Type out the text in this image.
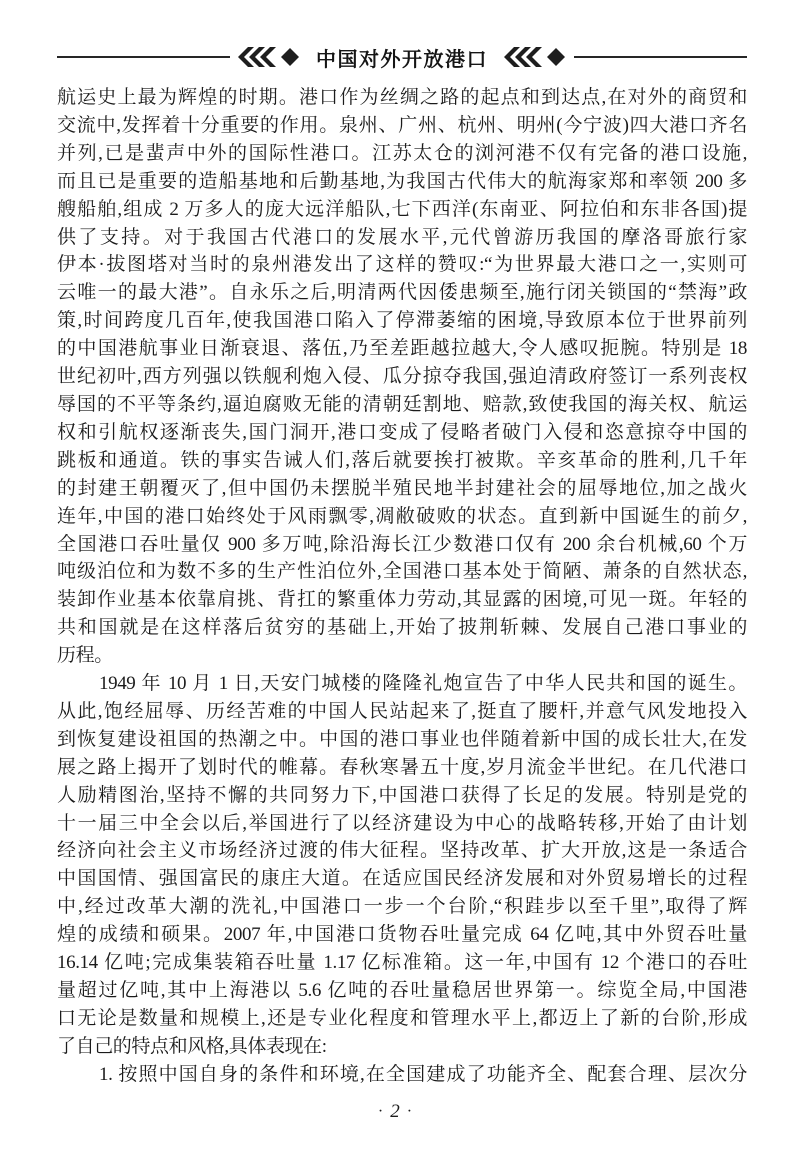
中国对外开放港口
航运史上最为辉煌的时期。港口作为丝绸之路的起点和到达点,在对外的商贸和
交流中,发挥着十分重要的作用。泉州、广州、杭州、明州(今宁波)四大港口齐名
并列,已是蜚声中外的国际性港口。江苏太仓的浏河港不仅有完备的港口设施,
而且已是重要的造船基地和后勤基地,为我国古代伟大的航海家郑和率领 200 多
艘船舶,组成 2 万多人的庞大远洋船队,七下西洋(东南亚、阿拉伯和东非各国)提
供了支持。对于我国古代港口的发展水平,元代曾游历我国的摩洛哥旅行家
伊本·拔图塔对当时的泉州港发出了这样的赞叹:“为世界最大港口之一,实则可
云唯一的最大港”。自永乐之后,明清两代因倭患频至,施行闭关锁国的“禁海”政
策,时间跨度几百年,使我国港口陷入了停滞萎缩的困境,导致原本位于世界前列
的中国港航事业日渐衰退、落伍,乃至差距越拉越大,令人感叹扼腕。特别是 18
世纪初叶,西方列强以铁舰利炮入侵、瓜分掠夺我国,强迫清政府签订一系列丧权
辱国的不平等条约,逼迫腐败无能的清朝廷割地、赔款,致使我国的海关权、航运
权和引航权逐渐丧失,国门洞开,港口变成了侵略者破门入侵和恣意掠夺中国的
跳板和通道。铁的事实告诫人们,落后就要挨打被欺。辛亥革命的胜利,几千年
的封建王朝覆灭了,但中国仍未摆脱半殖民地半封建社会的屈辱地位,加之战火
连年,中国的港口始终处于风雨飘零,凋敝破败的状态。直到新中国诞生的前夕,
全国港口吞吐量仅 900 多万吨,除沿海长江少数港口仅有 200 余台机械,60 个万
吨级泊位和为数不多的生产性泊位外,全国港口基本处于简陋、萧条的自然状态,
装卸作业基本依靠肩挑、背扛的繁重体力劳动,其显露的困境,可见一斑。年轻的
共和国就是在这样落后贫穷的基础上,开始了披荆斩棘、发展自己港口事业的
历程。
1949 年 10 月 1 日,天安门城楼的隆隆礼炮宣告了中华人民共和国的诞生。
从此,饱经屈辱、历经苦难的中国人民站起来了,挺直了腰杆,并意气风发地投入
到恢复建设祖国的热潮之中。中国的港口事业也伴随着新中国的成长壮大,在发
展之路上揭开了划时代的帷幕。春秋寒暑五十度,岁月流金半世纪。在几代港口
人励精图治,坚持不懈的共同努力下,中国港口获得了长足的发展。特别是党的
十一届三中全会以后,举国进行了以经济建设为中心的战略转移,开始了由计划
经济向社会主义市场经济过渡的伟大征程。坚持改革、扩大开放,这是一条适合
中国国情、强国富民的康庄大道。在适应国民经济发展和对外贸易增长的过程
中,经过改革大潮的洗礼,中国港口一步一个台阶,“积跬步以至千里”,取得了辉
煌的成绩和硕果。2007 年,中国港口货物吞吐量完成 64 亿吨,其中外贸吞吐量
16.14 亿吨;完成集装箱吞吐量 1.17 亿标准箱。这一年,中国有 12 个港口的吞吐
量超过亿吨,其中上海港以 5.6 亿吨的吞吐量稳居世界第一。综览全局,中国港
口无论是数量和规模上,还是专业化程度和管理水平上,都迈上了新的台阶,形成
了自己的特点和风格,具体表现在:
1. 按照中国自身的条件和环境,在全国建成了功能齐全、配套合理、层次分
· 2 ·
